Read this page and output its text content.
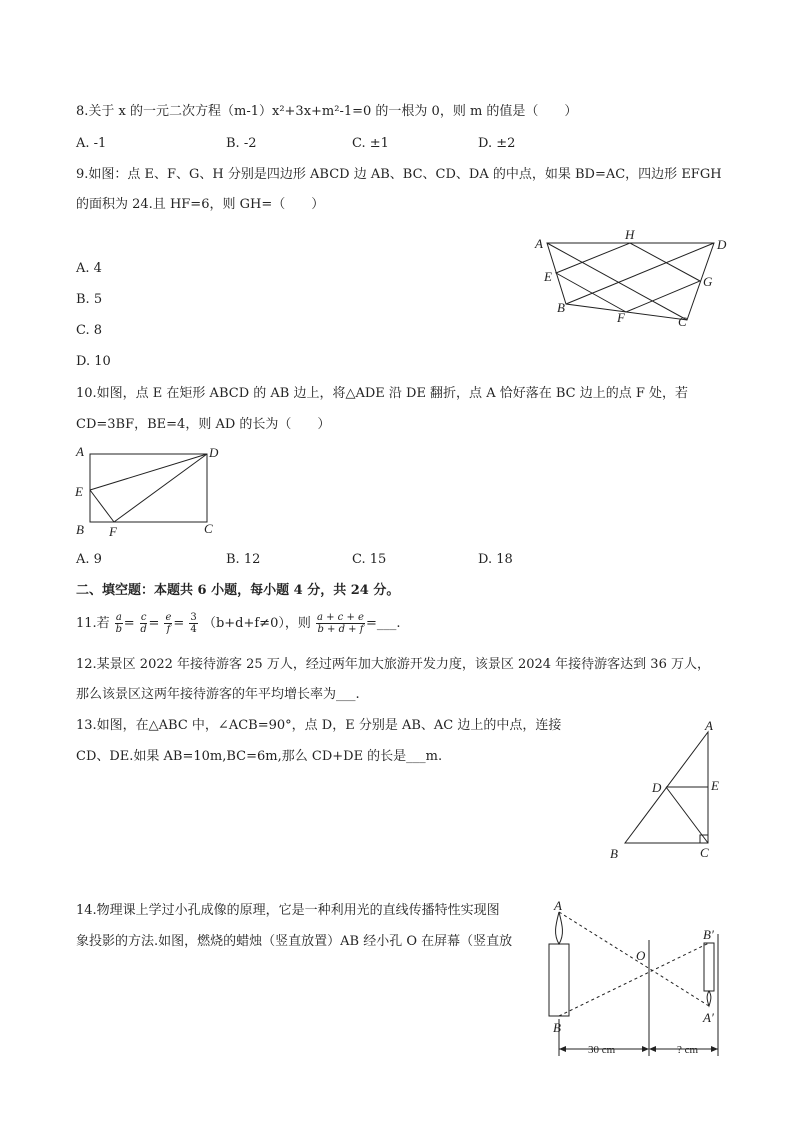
8.关于 x 的一元二次方程（m-1）x²+3x+m²-1=0 的一根为 0，则 m 的值是（　　）
A. -1	B. -2	C. ±1	D. ±2
9.如图：点 E、F、G、H 分别是四边形 ABCD 边 AB、BC、CD、DA 的中点，如果 BD=AC，四边形 EFGH
的面积为 24.且 HF=6，则 GH=（　　）
A. 4
B. 5
C. 8
D. 10
A
H
D
E	G
B
F	C
10.如图，点 E 在矩形 ABCD 的 AB 边上，将△ADE 沿 DE 翻折，点 A 恰好落在 BC 边上的点 F 处，若
CD=3BF，BE=4，则 AD 的长为（　　）
A	D
E
B F	C
A. 9	B. 12	C. 15	D. 18
二、填空题：本题共 6 小题，每小题 4 分，共 24 分。
11.若 $\frac{a}{b} = \frac{c}{d} = \frac{e}{f} = \frac{3}{4} (b+d+f\ne 0)$，则 $\frac{a + c + e}{b + d + f}$ =___.
12.某景区 2022 年接待游客 25 万人，经过两年加大旅游开发力度，该景区 2024 年接待游客达到 36 万人，
那么该景区这两年接待游客的年平均增长率为___.
13.如图，在△ABC 中，∠ACB=90°，点 D，E 分别是 AB、AC 边上的中点，连接
CD、DE.如果 AB=10m,BC=6m,那么 CD+DE 的长是___m.
A
D	E
B	C
14.物理课上学过小孔成像的原理，它是一种利用光的直线传播特性实现图
象投影的方法.如图，燃烧的蜡烛（竖直放置）AB 经小孔 O 在屏幕（竖直放
A
B
O
B′
A′
30 cm	? cm
